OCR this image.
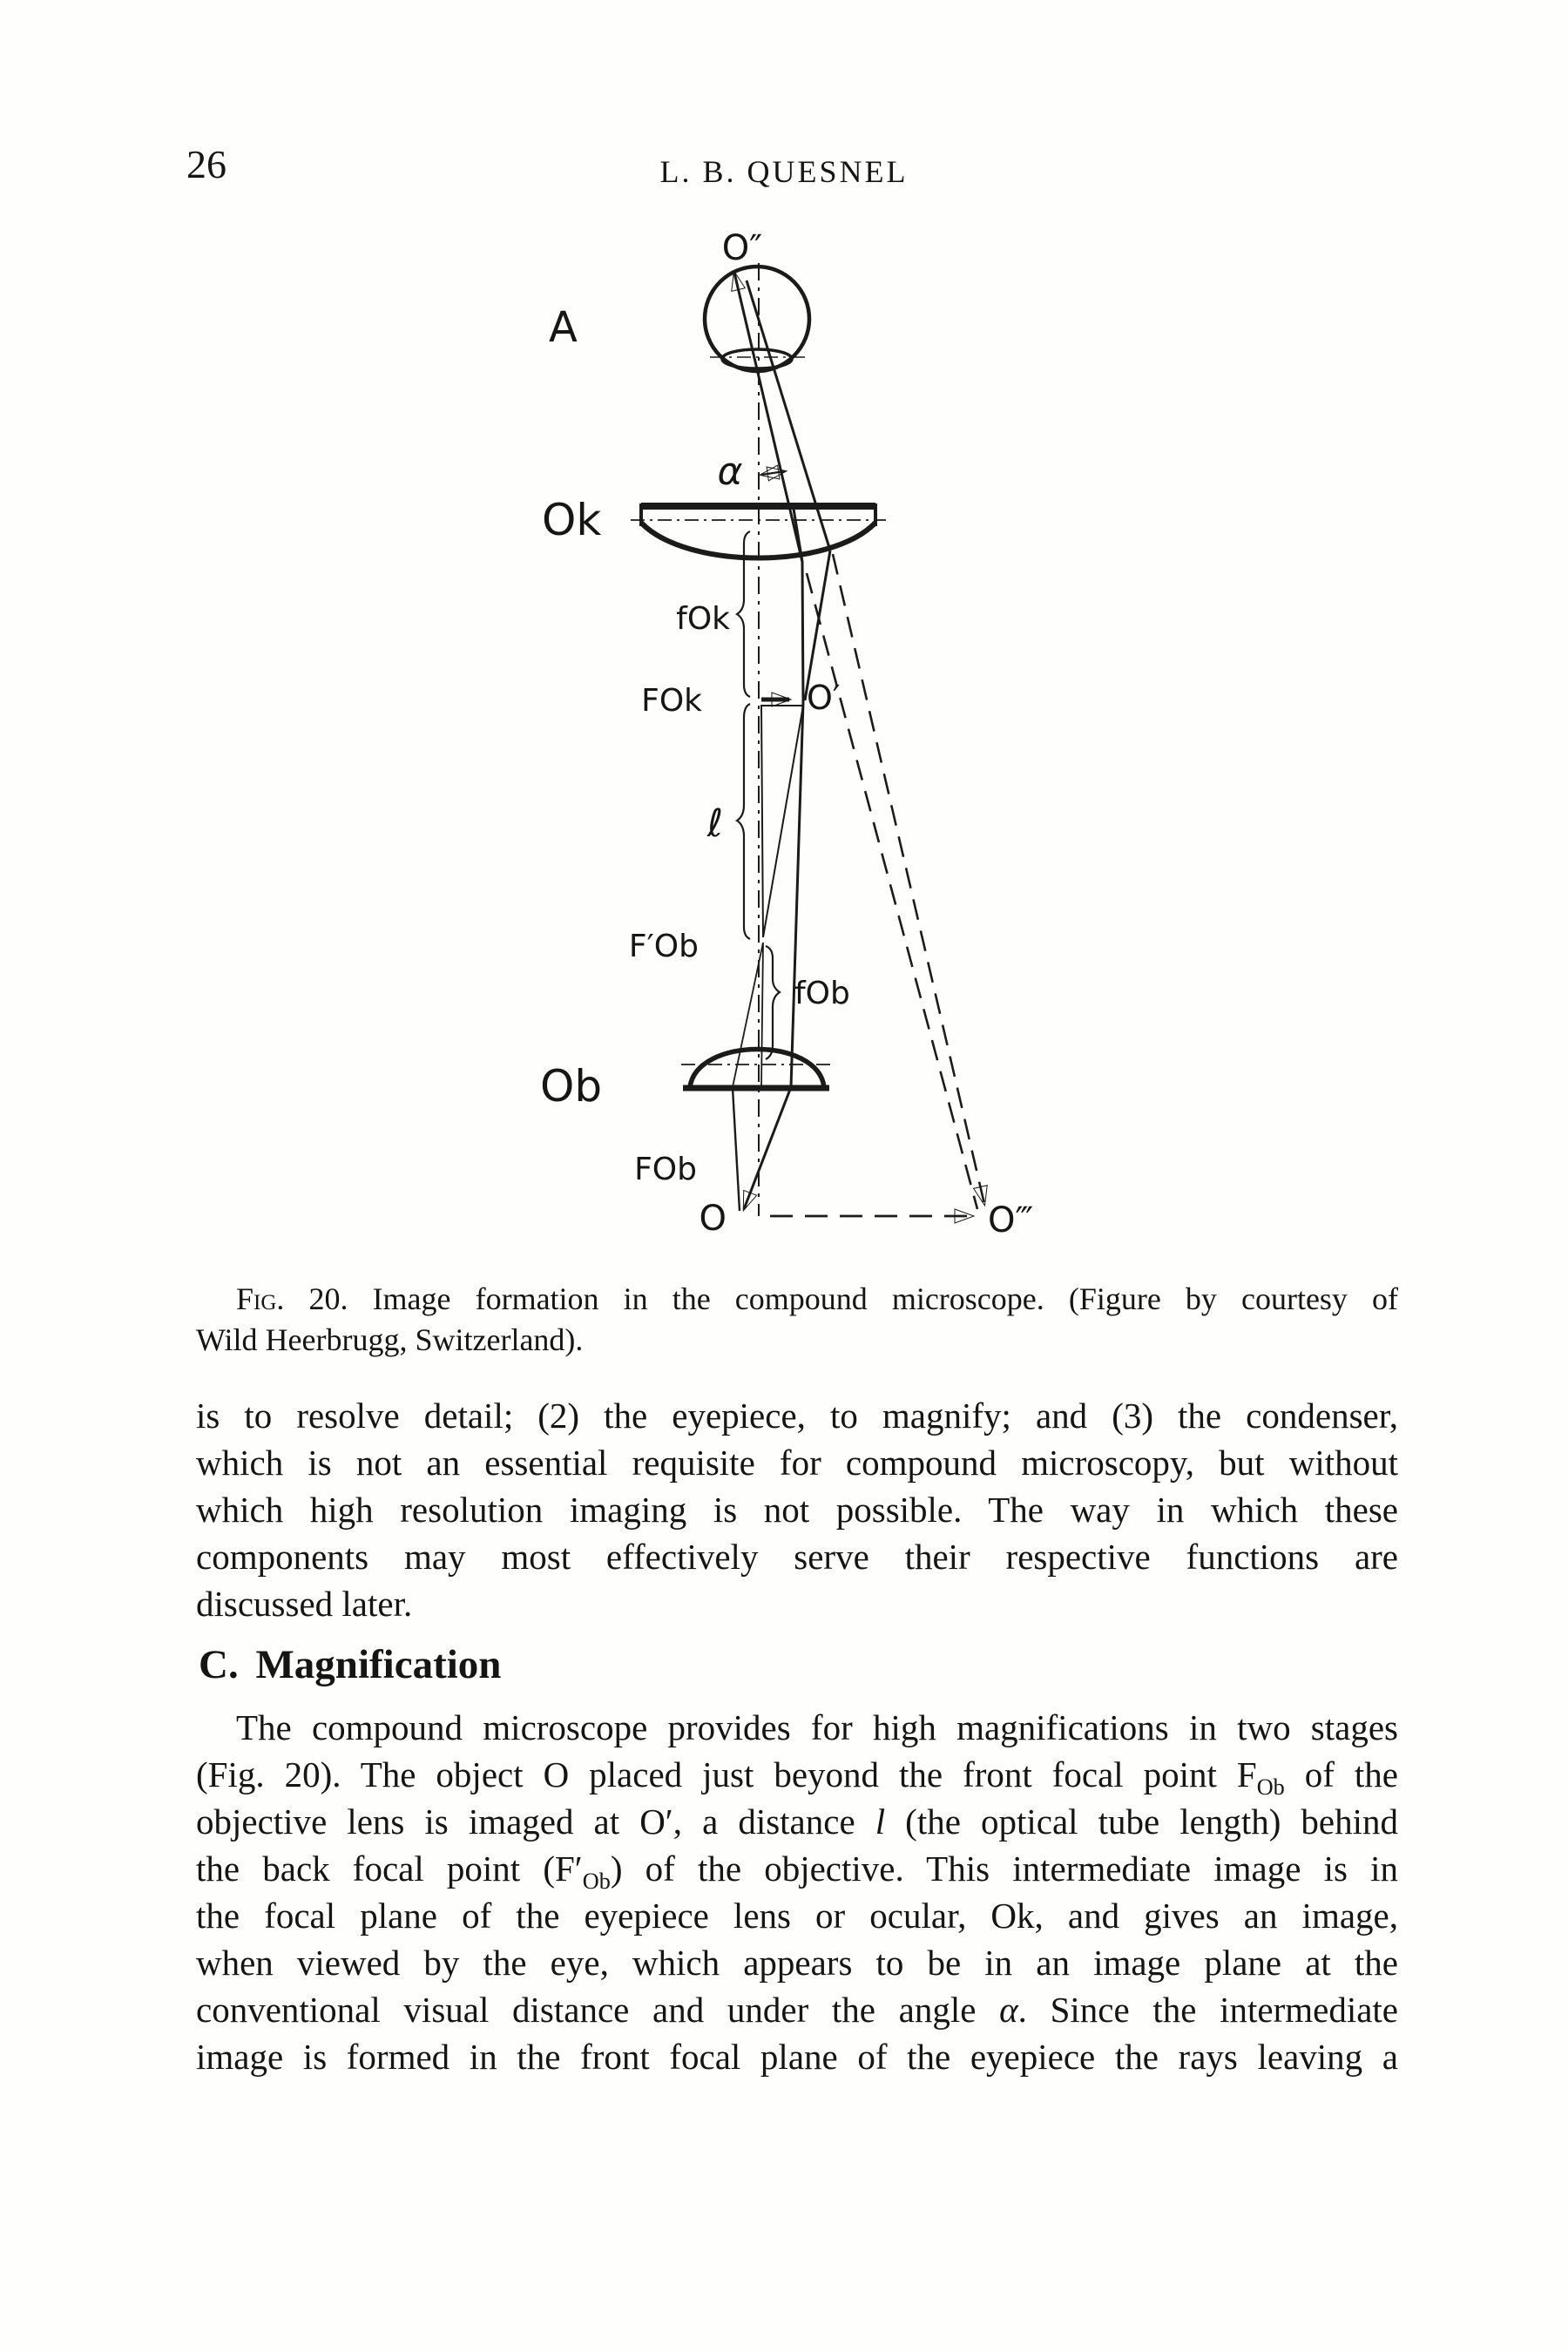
26	L. B. QUESNEL
O″
A
α
Ok
fOk
FOk	O′
ℓ
F′Ob
fOb
Ob
FOb
O	O‴
Fig. 20. Image formation in the compound microscope. (Figure by courtesy of
Wild Heerbrugg, Switzerland).
is to resolve detail; (2) the eyepiece, to magnify; and (3) the condenser,
which is not an essential requisite for compound microscopy, but without
which high resolution imaging is not possible. The way in which these
components may most effectively serve their respective functions are
discussed later.
C. Magnification
The compound microscope provides for high magnifications in two stages
(Fig. 20). The object O placed just beyond the front focal point $F_{Ob}$ of the
objective lens is imaged at O′, a distance l (the optical tube length) behind
the back focal point $(F'_{Ob})$ of the objective. This intermediate image is in
the focal plane of the eyepiece lens or ocular, Ok, and gives an image,
when viewed by the eye, which appears to be in an image plane at the
conventional visual distance and under the angle α. Since the intermediate
image is formed in the front focal plane of the eyepiece the rays leaving a
